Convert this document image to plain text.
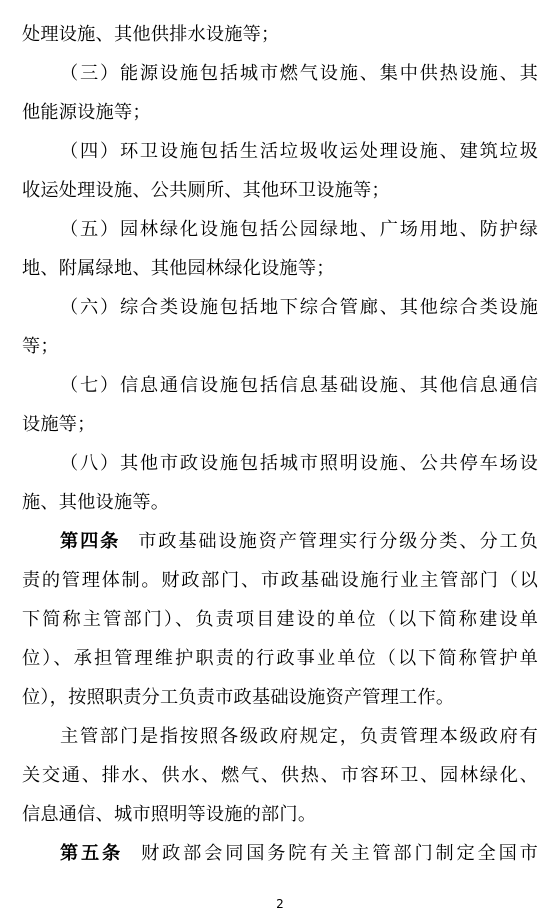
处理设施、其他供排水设施等；
（三）能源设施包括城市燃气设施、集中供热设施、其
他能源设施等；
（四）环卫设施包括生活垃圾收运处理设施、建筑垃圾
收运处理设施、公共厕所、其他环卫设施等；
（五）园林绿化设施包括公园绿地、广场用地、防护绿
地、附属绿地、其他园林绿化设施等；
（六）综合类设施包括地下综合管廊、其他综合类设施
等；
（七）信息通信设施包括信息基础设施、其他信息通信
设施等；
（八）其他市政设施包括城市照明设施、公共停车场设
施、其他设施等。
第四条 市政基础设施资产管理实行分级分类、分工负
责的管理体制。财政部门、市政基础设施行业主管部门（以
下简称主管部门）、负责项目建设的单位（以下简称建设单
位）、承担管理维护职责的行政事业单位（以下简称管护单
位），按照职责分工负责市政基础设施资产管理工作。
主管部门是指按照各级政府规定，负责管理本级政府有
关交通、排水、供水、燃气、供热、市容环卫、园林绿化、
信息通信、城市照明等设施的部门。
第五条 财政部会同国务院有关主管部门制定全国市
2
